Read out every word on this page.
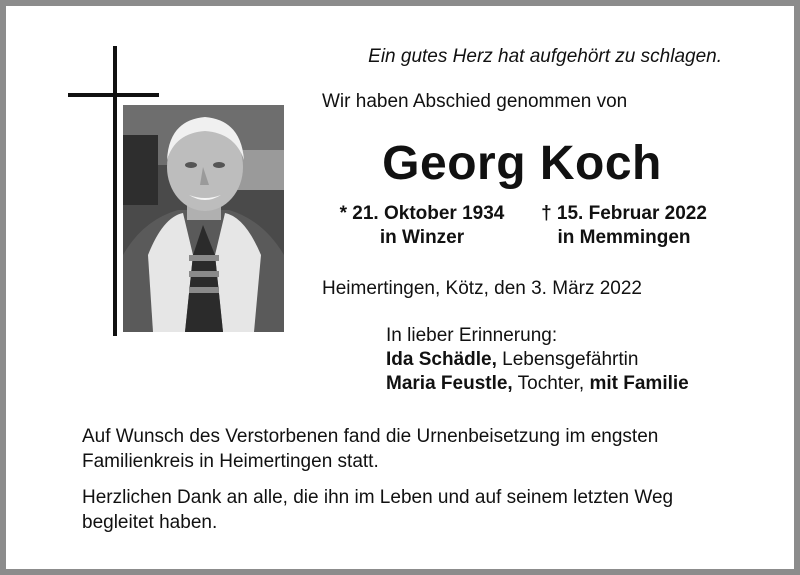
Ein gutes Herz hat aufgehört zu schlagen.
Wir haben Abschied genommen von
Georg Koch
* 21. Oktober 1934
in Winzer
† 15. Februar 2022
in Memmingen
Heimertingen, Kötz, den 3. März 2022
In lieber Erinnerung:
Ida Schädle, Lebensgefährtin
Maria Feustle, Tochter, mit Familie
Auf Wunsch des Verstorbenen fand die Urnenbeisetzung im engsten Familienkreis in Heimertingen statt.
Herzlichen Dank an alle, die ihn im Leben und auf seinem letzten Weg begleitet haben.
